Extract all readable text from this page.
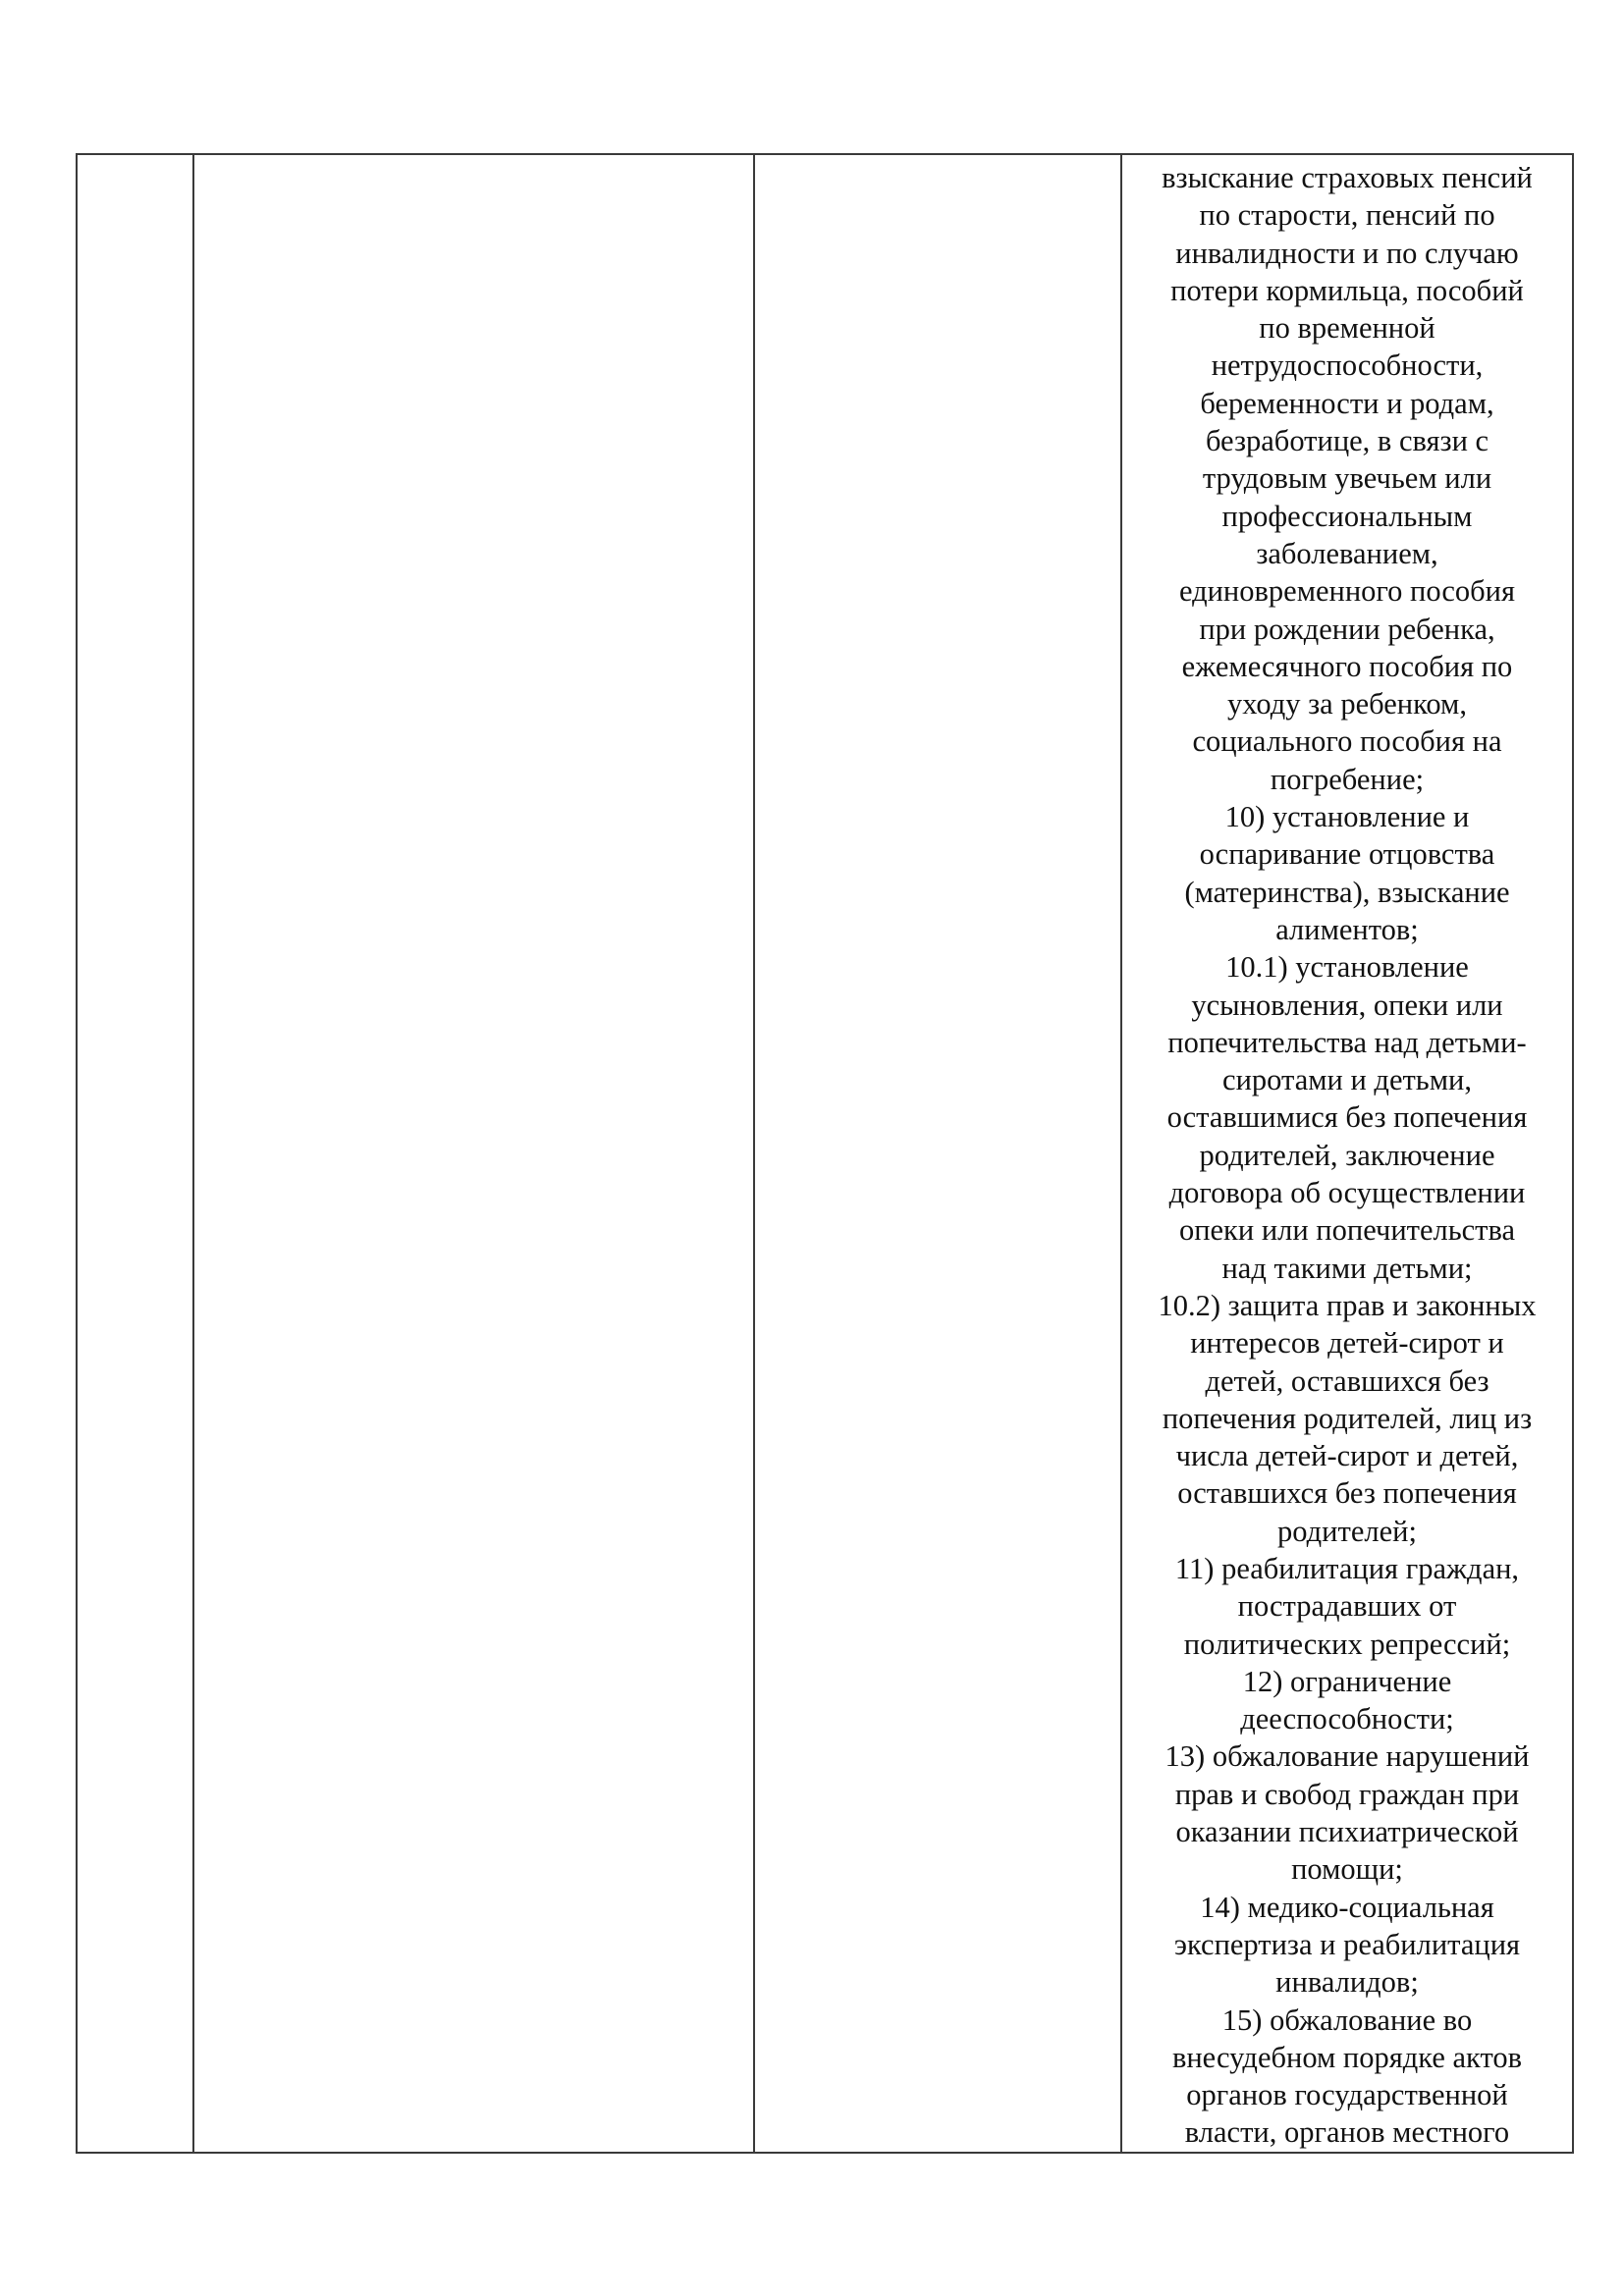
взыскание страховых пенсий
по старости, пенсий по
инвалидности и по случаю
потери кормильца, пособий
по временной
нетрудоспособности,
беременности и родам,
безработице, в связи с
трудовым увечьем или
профессиональным
заболеванием,
единовременного пособия
при рождении ребенка,
ежемесячного пособия по
уходу за ребенком,
социального пособия на
погребение;
10) установление и
оспаривание отцовства
(материнства), взыскание
алиментов;
10.1) установление
усыновления, опеки или
попечительства над детьми-
сиротами и детьми,
оставшимися без попечения
родителей, заключение
договора об осуществлении
опеки или попечительства
над такими детьми;
10.2) защита прав и законных
интересов детей-сирот и
детей, оставшихся без
попечения родителей, лиц из
числа детей-сирот и детей,
оставшихся без попечения
родителей;
11) реабилитация граждан,
пострадавших от
политических репрессий;
12) ограничение
дееспособности;
13) обжалование нарушений
прав и свобод граждан при
оказании психиатрической
помощи;
14) медико-социальная
экспертиза и реабилитация
инвалидов;
15) обжалование во
внесудебном порядке актов
органов государственной
власти, органов местного
